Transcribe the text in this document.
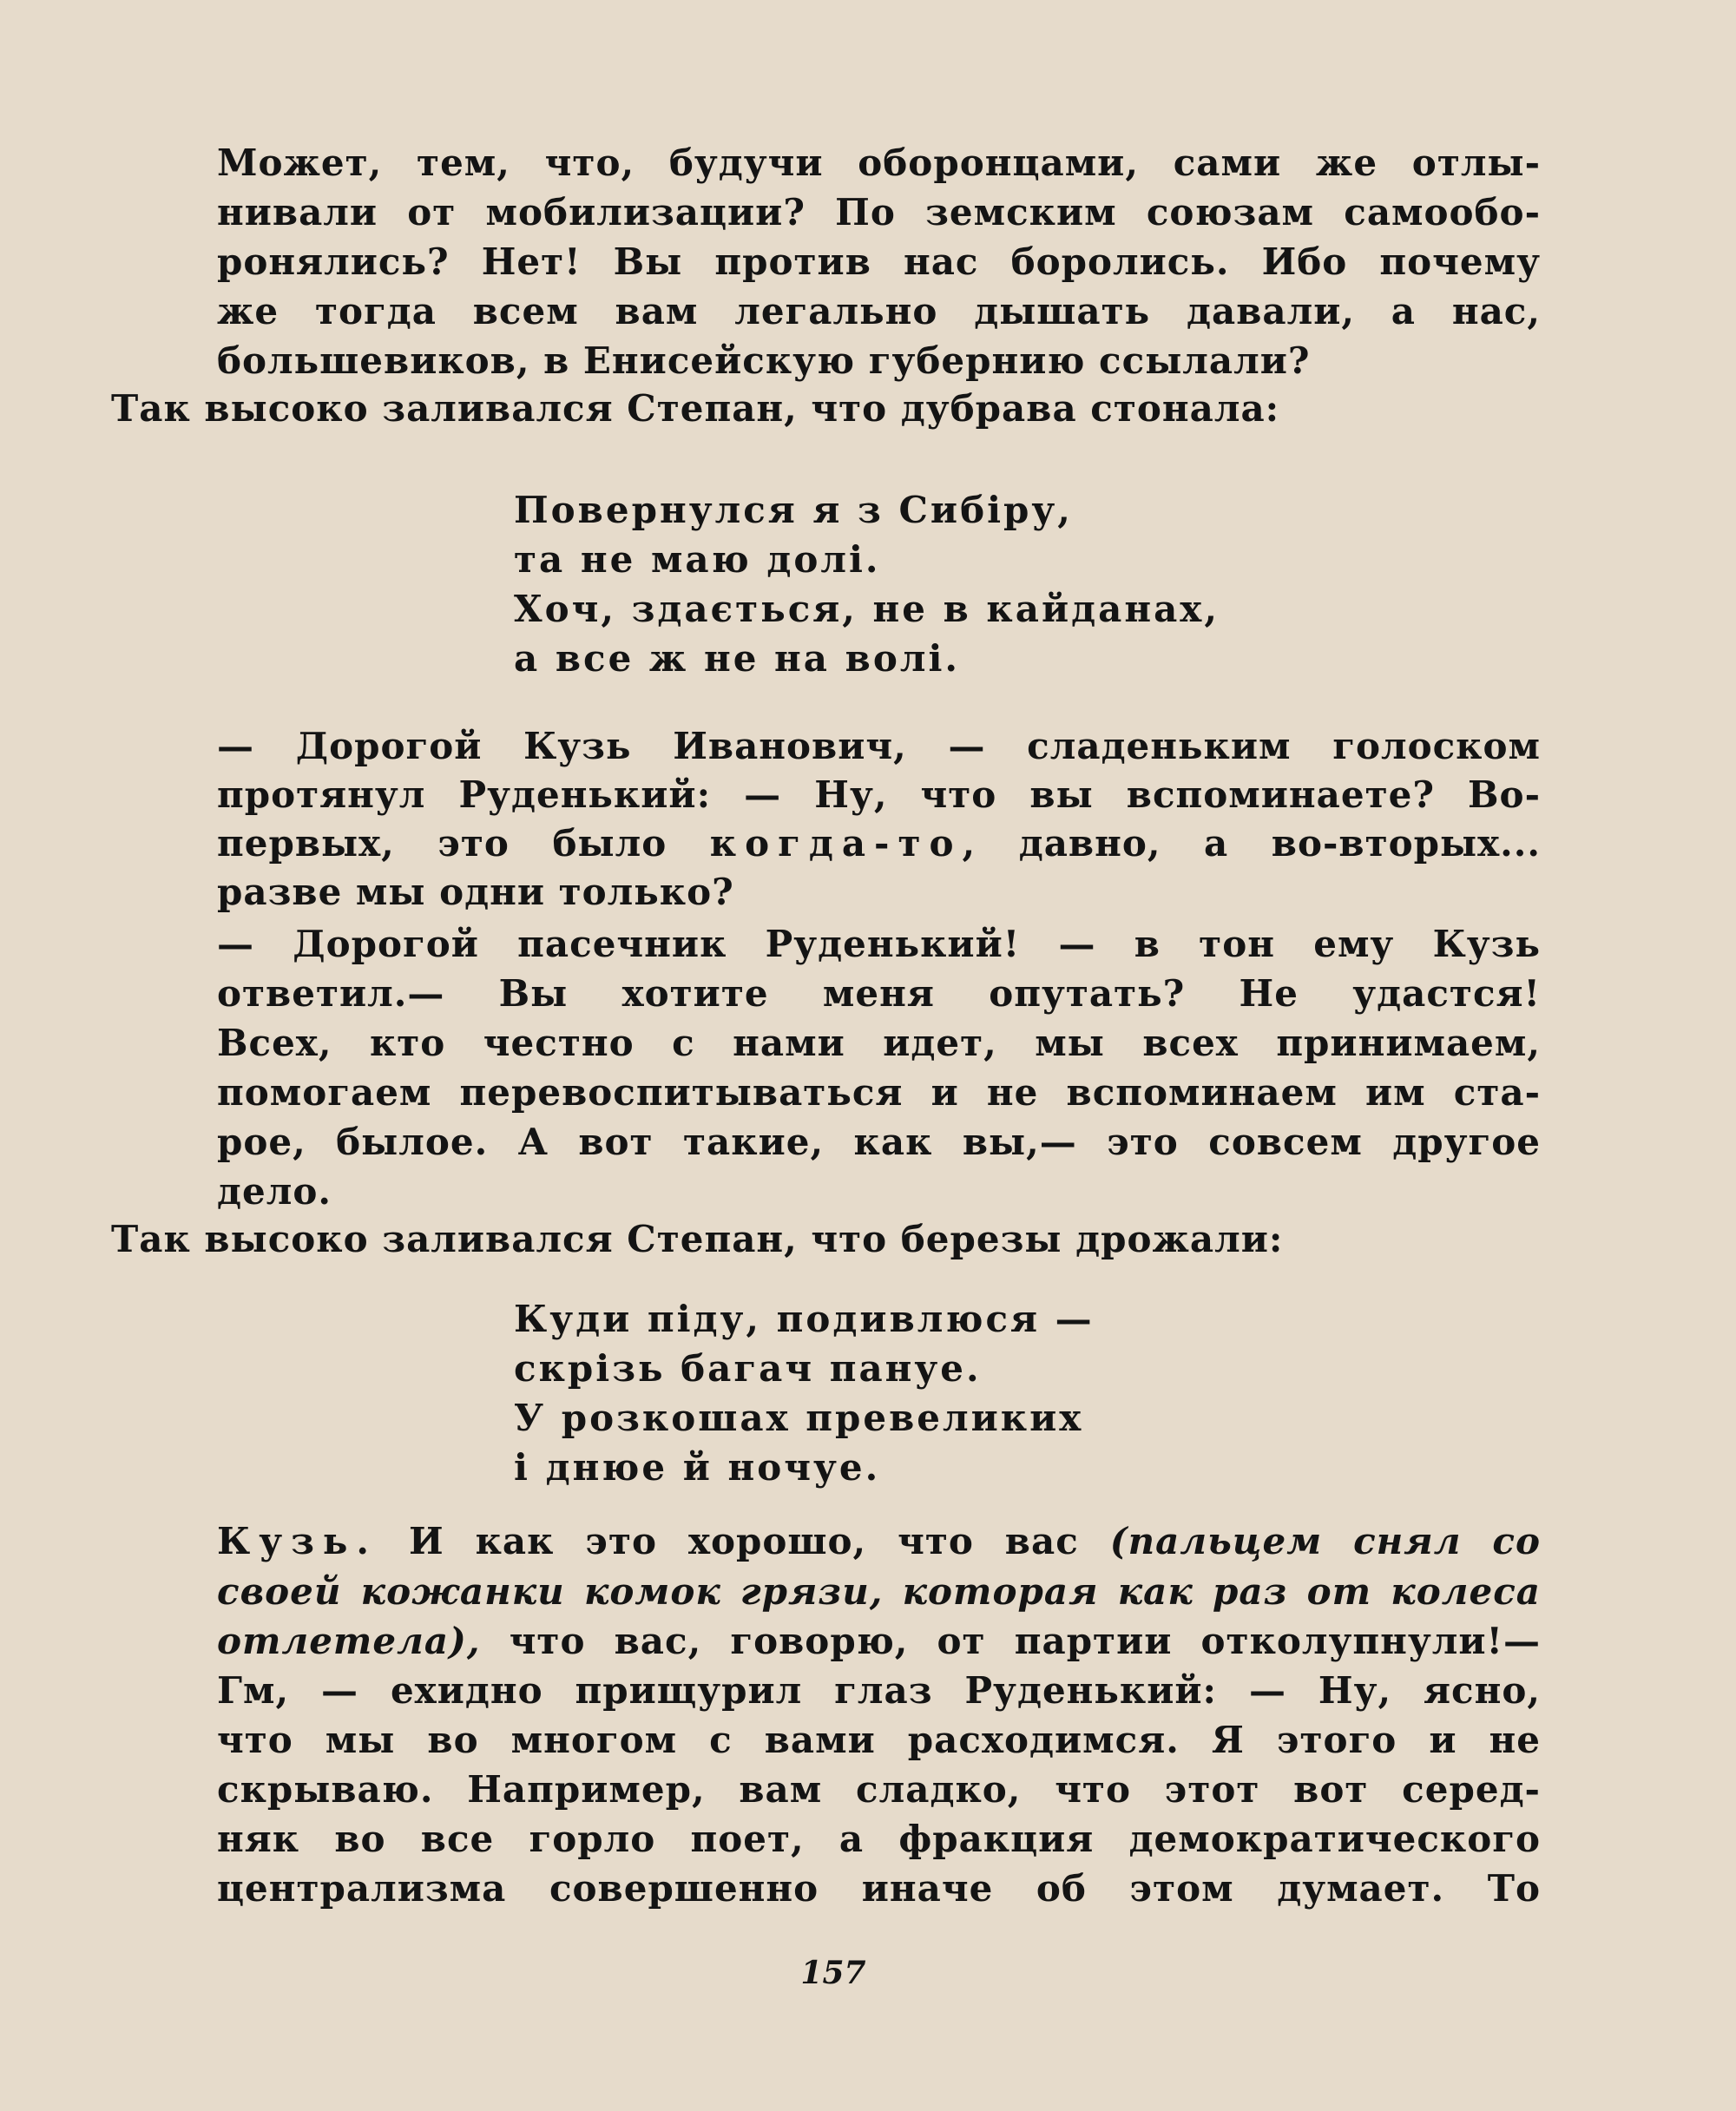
Может, тем, что, будучи оборонцами, сами же отлы-
нивали от мобилизации? По земским союзам самообо-
ронялись? Нет! Вы против нас боролись. Ибо почему
же тогда всем вам легально дышать давали, а нас,
большевиков, в Енисейскую губернию ссылали?
Так высоко заливался Степан, что дубрава стонала:
Повернулся я з Сибіру,
та не маю долі.
Хоч, здається, не в кайданах,
а все ж не на волі.
— Дорогой Кузь Иванович, — сладеньким голоском
протянул Руденький: — Ну, что вы вспоминаете? Во-
первых, это было когда-то, давно, а во-вторых...
разве мы одни только?
— Дорогой пасечник Руденький! — в тон ему Кузь
ответил.— Вы хотите меня опутать? Не удастся!
Всех, кто честно с нами идет, мы всех принимаем,
помогаем перевоспитываться и не вспоминаем им ста-
рое, былое. А вот такие, как вы,— это совсем другое
дело.
Так высоко заливался Степан, что березы дрожали:
Куди піду, подивлюся —
скрізь багач пануе.
У розкошах превеликих
і днюе й ночуе.
Кузь. И как это хорошо, что вас (пальцем снял со
своей кожанки комок грязи, которая как раз от колеса
отлетела), что вас, говорю, от партии отколупнули!—
Гм, — ехидно прищурил глаз Руденький: — Ну, ясно,
что мы во многом с вами расходимся. Я этого и не
скрываю. Например, вам сладко, что этот вот серед-
няк во все горло поет, а фракция демократического
централизма совершенно иначе об этом думает. То
157
